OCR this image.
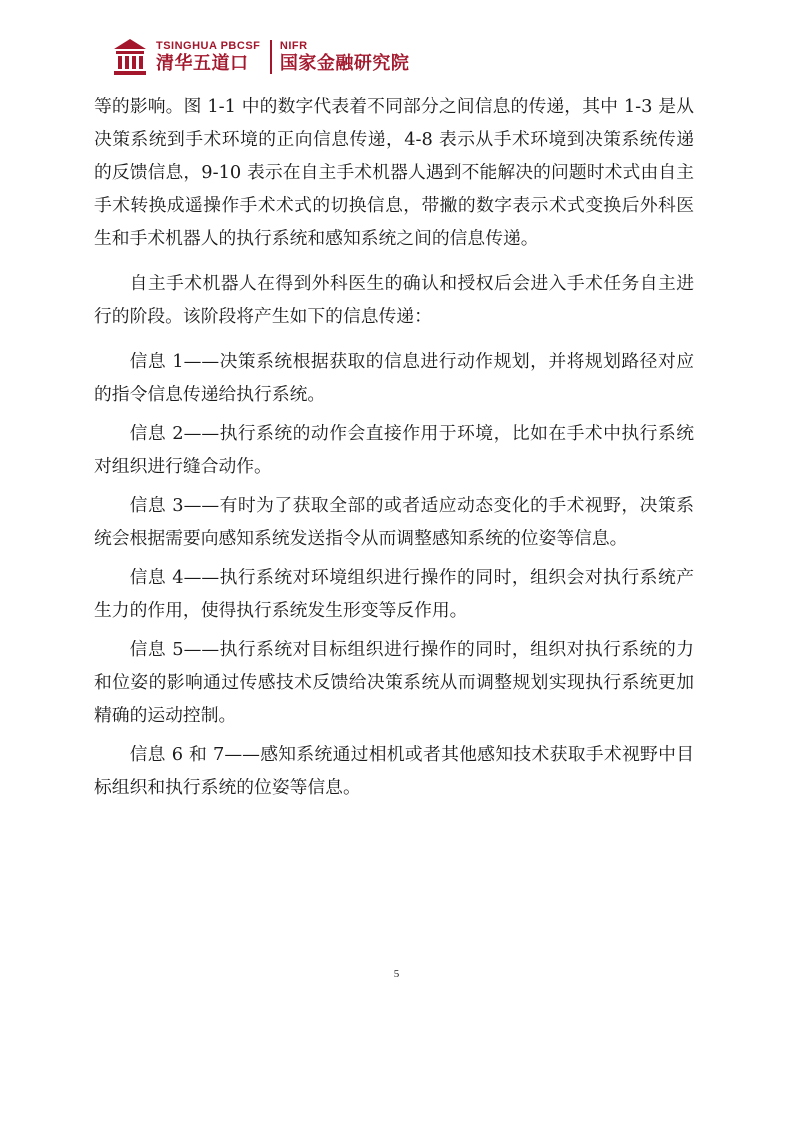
TSINGHUA PBCSF
清华五道口
NIFR
国家金融研究院

等的影响。图 1-1 中的数字代表着不同部分之间信息的传递，其中 1-3 是从决策系统到手术环境的正向信息传递，4-8 表示从手术环境到决策系统传递的反馈信息，9-10 表示在自主手术机器人遇到不能解决的问题时术式由自主手术转换成遥操作手术术式的切换信息，带撇的数字表示术式变换后外科医生和手术机器人的执行系统和感知系统之间的信息传递。

自主手术机器人在得到外科医生的确认和授权后会进入手术任务自主进行的阶段。该阶段将产生如下的信息传递：

信息 1——决策系统根据获取的信息进行动作规划，并将规划路径对应的指令信息传递给执行系统。

信息 2——执行系统的动作会直接作用于环境，比如在手术中执行系统对组织进行缝合动作。

信息 3——有时为了获取全部的或者适应动态变化的手术视野，决策系统会根据需要向感知系统发送指令从而调整感知系统的位姿等信息。

信息 4——执行系统对环境组织进行操作的同时，组织会对执行系统产生力的作用，使得执行系统发生形变等反作用。

信息 5——执行系统对目标组织进行操作的同时，组织对执行系统的力和位姿的影响通过传感技术反馈给决策系统从而调整规划实现执行系统更加精确的运动控制。

信息 6 和 7——感知系统通过相机或者其他感知技术获取手术视野中目标组织和执行系统的位姿等信息。

5
